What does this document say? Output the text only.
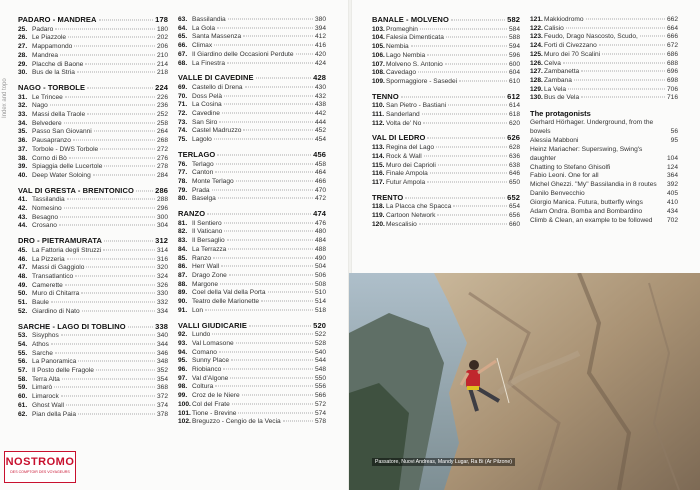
Index and topo
PADARO - MANDREA	178
25. Padaro	180
26. Le Piazzole	202
27. Mappamondo	206
28. Mandrea	210
29. Placche di Baone	214
30. Bus de la Stria	218
NAGO - TORBOLE	224
31. Le Trincee	226
32. Nago	236
33. Massi della Traole	252
34. Belvedere	258
35. Passo San Giovanni	264
36. Pausapranzo	268
37. Torbole - DWS Torbole	272
38. Corno di Bò	276
39. Spiaggia delle Lucertole	278
40. Deep Water Soloing	284
VAL DI GRESTA - BRENTONICO	286
41. Tassilandia	288
42. Nomesino	296
43. Besagno	300
44. Crosano	304
DRO - PIETRAMURATA	312
45. La Fattoria degli Struzzi	314
46. La Pizzeria	316
47. Massi di Gaggiolo	320
48. Transatlantico	324
49. Camerette	326
50. Muro di Chitarra	330
51. Baule	332
52. Giardino di Nato	334
SARCHE - LAGO DI TOBLINO	338
53. Sisyphos	340
54. Athos	344
55. Sarche	346
56. La Panoramica	348
57. Il Posto delle Fragole	352
58. Terra Alta	354
59. Limarò	368
60. Limarock	372
61. Ghost Wall	374
62. Pian della Paia	378
63. Bassilandia	380
64. La Gola	394
65. Santa Massenza	412
66. Climax	416
67. Il Giardino delle Occasioni Perdute	420
68. La Finestra	424
VALLE DI CAVEDINE	428
69. Castello di Drena	430
70. Doss Pelà	432
71. La Cosina	438
72. Cavedine	442
73. San Siro	444
74. Castel Madruzzo	452
75. Lagolo	454
TERLAGO	456
76. Terlago	458
77. Canton	464
78. Monte Terlago	466
79. Prada	470
80. Baselga	472
RANZO	474
81. Il Sentiero	476
82. Il Vaticano	480
83. Il Bersaglio	484
84. La Terrazza	488
85. Ranzo	490
86. Herr Wall	504
87. Drago Zone	506
88. Margone	508
89. Coel della Val della Porta	510
90. Teatro delle Marionette	514
91. Lon	518
VALLI GIUDICARIE	520
92. Lundo	522
93. Val Lomasone	528
94. Comano	540
95. Sunny Place	544
96. Riobianco	548
97. Val d'Algone	550
98. Coltura	556
99. Croz de le Niere	566
100. Col del Frate	572
101. Tione - Brevine	574
102. Breguzzo - Cengio de la Vecia	578
BANALE - MOLVENO	582
103. Promeghin	584
104. Falesia Dimenticata	588
105. Nembia	594
106. Lago Nembia	596
107. Molveno S. Antonio	600
108. Cavedago	604
109. Spormaggiore - Sasedei	610
TENNO	612
110. San Pietro - Bastiani	614
111. Sanderland	618
112. Volta de' No	620
VAL DI LEDRO	626
113. Regina del Lago	628
114. Rock & Wall	636
115. Muro dei Caprioli	638
116. Finale Ampola	646
117. Futur Ampola	650
TRENTO	652
118. La Placca che Spacca	654
119. Cartoon Network	656
120. Mescalisio	660
121. Makkiodromo	662
122. Calisio	664
123. Feudo, Drago Nascosto, Scudo,	666
124. Forti di Civezzano	672
125. Muro dei 70 Scalini	686
126. Celva	688
127. Zambanetta	696
128. Zambana	698
129. La Vela	706
130. Bus de Vela	716
The protagonists
Gerhard Hörhager. Underground, from the bowels	56
Alessia Mabboni	95
Heinz Mariacher: Superswing, Swing's daughter	104
Chatting to Stefano Ghisolfi	124
Fabio Leoni. One for all	364
Michel Ghezzi. "My" Bassilandia in 8 routes	392
Danilo Benvecchio	405
Giorgio Manica. Futura, butterfly wings	410
Adam Ondra. Bomba and Bombardino	434
Climb & Clean, an example to be followed	702
Passatore, Nuovi Andreas, Mandy Lugar, Ra Bi (Ar Pilzone)
NOSTROMO
DES COMPTOIR DES VOYAGEURS
